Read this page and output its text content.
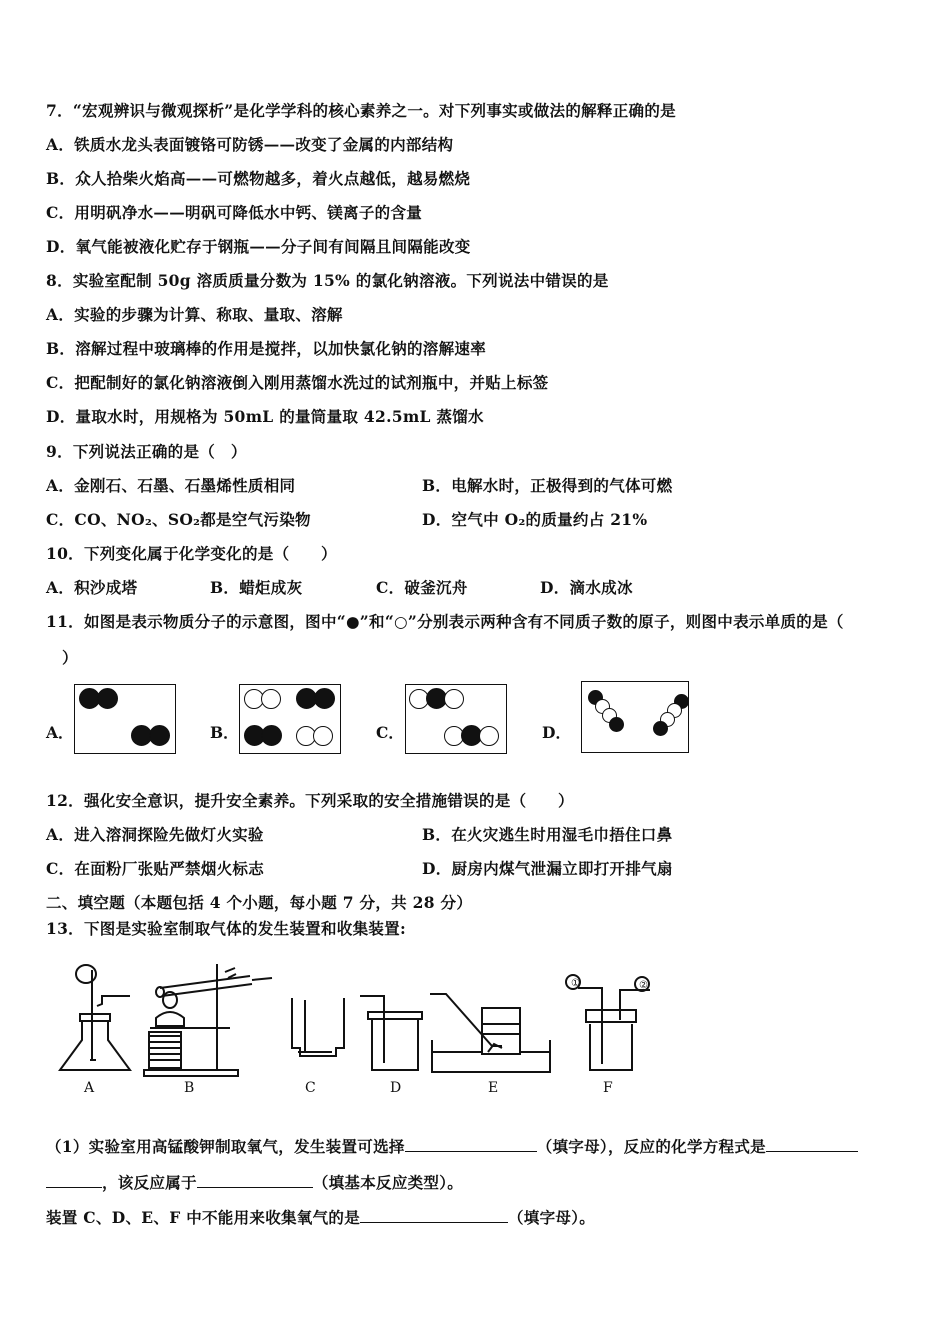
7．“宏观辨识与微观探析”是化学学科的核心素养之一。对下列事实或做法的解释正确的是
A．铁质水龙头表面镀铬可防锈——改变了金属的内部结构
B．众人拾柴火焰高——可燃物越多，着火点越低，越易燃烧
C．用明矾净水——明矾可降低水中钙、镁离子的含量
D．氧气能被液化贮存于钢瓶——分子间有间隔且间隔能改变
8．实验室配制 50g 溶质质量分数为 15% 的氯化钠溶液。下列说法中错误的是
A．实验的步骤为计算、称取、量取、溶解
B．溶解过程中玻璃棒的作用是搅拌，以加快氯化钠的溶解速率
C．把配制好的氯化钠溶液倒入刚用蒸馏水洗过的试剂瓶中，并贴上标签
D．量取水时，用规格为 50mL 的量筒量取 42.5mL 蒸馏水
9．下列说法正确的是（　）
A．金刚石、石墨、石墨烯性质相同	B．电解水时，正极得到的气体可燃
C．CO、NO₂、SO₂都是空气污染物	D．空气中 O₂的质量约占 21%
10．下列变化属于化学变化的是（　　）
A．积沙成塔	B．蜡炬成灰	C．破釜沉舟	D．滴水成冰
11．如图是表示物质分子的示意图，图中“●”和“○”分别表示两种含有不同质子数的原子，则图中表示单质的是（
）
A．	B．	C．	D．
12．强化安全意识，提升安全素养。下列采取的安全措施错误的是（　　）
A．进入溶洞探险先做灯火实验	B．在火灾逃生时用湿毛巾捂住口鼻
C．在面粉厂张贴严禁烟火标志	D．厨房内煤气泄漏立即打开排气扇
二、填空题（本题包括 4 个小题，每小题 7 分，共 28 分）
13．下图是实验室制取气体的发生装置和收集装置:
①	②
A	B	C	D	E	F
（1）实验室用高锰酸钾制取氧气，发生装置可选择	（填字母），反应的化学方程式是
，该反应属于	（填基本反应类型）。
装置 C、D、E、F 中不能用来收集氧气的是	（填字母）。
